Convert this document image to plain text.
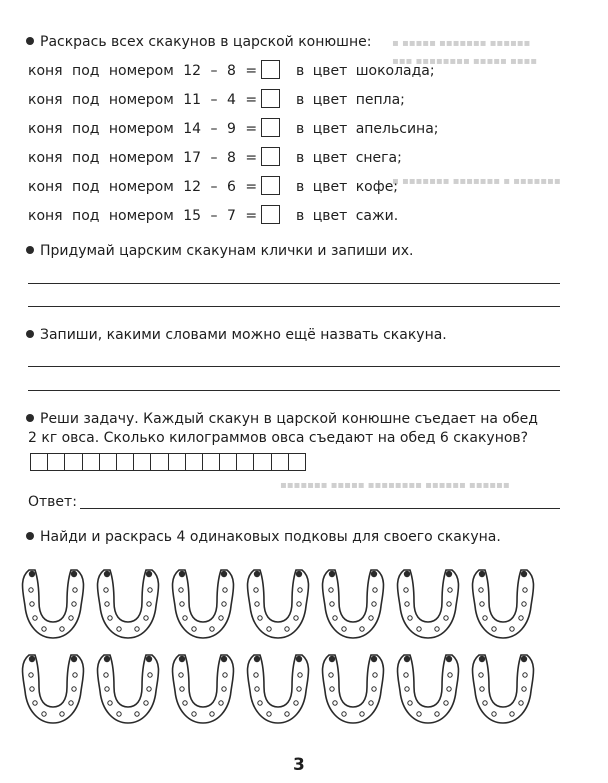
▪ ▪▪▪▪▪ ▪▪▪▪▪▪▪ ▪▪▪▪▪▪
▪▪▪ ▪▪▪▪▪▪▪▪ ▪▪▪▪▪ ▪▪▪▪
▪ ▪▪▪▪▪▪▪ ▪▪▪▪▪▪▪ ▪ ▪▪▪▪▪▪▪
▪▪▪▪▪▪▪ ▪▪▪▪▪ ▪▪▪▪▪▪▪▪ ▪▪▪▪▪▪ ▪▪▪▪▪▪
Раскрась всех скакунов в царской конюшне:
коня под номером 12 – 8 =	в цвет шоколада;
коня под номером 11 – 4 =	в цвет пепла;
коня под номером 14 – 9 =	в цвет апельсина;
коня под номером 17 – 8 =	в цвет снега;
коня под номером 12 – 6 =	в цвет кофе;
коня под номером 15 – 7 =	в цвет сажи.
Придумай царским скакунам клички и запиши их.
Запиши, какими словами можно ещё назвать скакуна.
Реши задачу. Каждый скакун в царской конюшне съедает на обед
2 кг овса. Сколько килограммов овса съедают на обед 6 скакунов?
Ответ:
Найди и раскрась 4 одинаковых подковы для своего скакуна.
3
